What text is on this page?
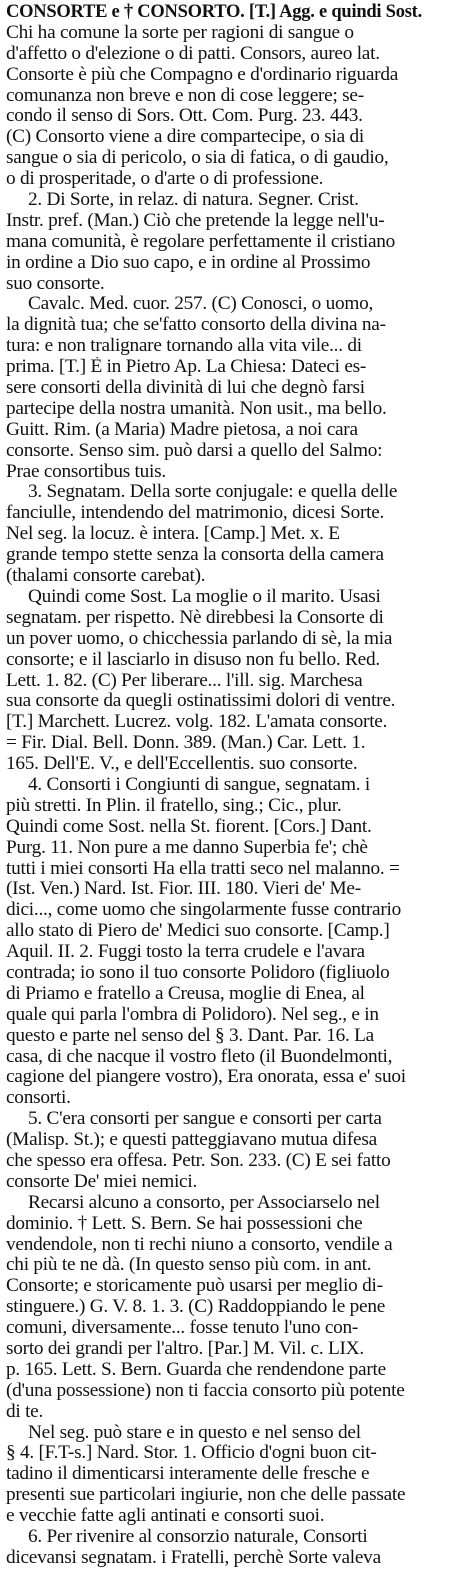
CONSORTE e † CONSORTO. [T.] Agg. e quindi Sost.
Chi ha comune la sorte per ragioni di sangue o
d'affetto o d'elezione o di patti. Consors, aureo lat.
Consorte è più che Compagno e d'ordinario riguarda
comunanza non breve e non di cose leggere; se-
condo il senso di Sors. Ott. Com. Purg. 23. 443.
(C) Consorto viene a dire compartecipe, o sia di
sangue o sia di pericolo, o sia di fatica, o di gaudio,
o di prosperitade, o d'arte o di professione.
2. Di Sorte, in relaz. di natura. Segner. Crist.
Instr. pref. (Man.) Ciò che pretende la legge nell'u-
mana comunità, è regolare perfettamente il cristiano
in ordine a Dio suo capo, e in ordine al Prossimo
suo consorte.
Cavalc. Med. cuor. 257. (C) Conosci, o uomo,
la dignità tua; che se'fatto consorto della divina na-
tura: e non tralignare tornando alla vita vile... di
prima. [T.] È in Pietro Ap. La Chiesa: Dateci es-
sere consorti della divinità di lui che degnò farsi
partecipe della nostra umanità. Non usit., ma bello.
Guitt. Rim. (a Maria) Madre pietosa, a noi cara
consorte. Senso sim. può darsi a quello del Salmo:
Prae consortibus tuis.
3. Segnatam. Della sorte conjugale: e quella delle
fanciulle, intendendo del matrimonio, dicesi Sorte.
Nel seg. la locuz. è intera. [Camp.] Met. x. E
grande tempo stette senza la consorta della camera
(thalami consorte carebat).
Quindi come Sost. La moglie o il marito. Usasi
segnatam. per rispetto. Nè direbbesi la Consorte di
un pover uomo, o chicchessia parlando di sè, la mia
consorte; e il lasciarlo in disuso non fu bello. Red.
Lett. 1. 82. (C) Per liberare... l'ill. sig. Marchesa
sua consorte da quegli ostinatissimi dolori di ventre.
[T.] Marchett. Lucrez. volg. 182. L'amata consorte.
= Fir. Dial. Bell. Donn. 389. (Man.) Car. Lett. 1.
165. Dell'E. V., e dell'Eccellentis. suo consorte.
4. Consorti i Congiunti di sangue, segnatam. i
più stretti. In Plin. il fratello, sing.; Cic., plur.
Quindi come Sost. nella St. fiorent. [Cors.] Dant.
Purg. 11. Non pure a me danno Superbia fe'; chè
tutti i miei consorti Ha ella tratti seco nel malanno. =
(Ist. Ven.) Nard. Ist. Fior. III. 180. Vieri de' Me-
dici..., come uomo che singolarmente fusse contrario
allo stato di Piero de' Medici suo consorte. [Camp.]
Aquil. II. 2. Fuggi tosto la terra crudele e l'avara
contrada; io sono il tuo consorte Polidoro (figliuolo
di Priamo e fratello a Creusa, moglie di Enea, al
quale qui parla l'ombra di Polidoro). Nel seg., e in
questo e parte nel senso del § 3. Dant. Par. 16. La
casa, di che nacque il vostro fleto (il Buondelmonti,
cagione del piangere vostro), Era onorata, essa e' suoi
consorti.
5. C'era consorti per sangue e consorti per carta
(Malisp. St.); e questi patteggiavano mutua difesa
che spesso era offesa. Petr. Son. 233. (C) E sei fatto
consorte De' miei nemici.
Recarsi alcuno a consorto, per Associarselo nel
dominio. † Lett. S. Bern. Se hai possessioni che
vendendole, non ti rechi niuno a consorto, vendile a
chi più te ne dà. (In questo senso più com. in ant.
Consorte; e storicamente può usarsi per meglio di-
stinguere.) G. V. 8. 1. 3. (C) Raddoppiando le pene
comuni, diversamente... fosse tenuto l'uno con-
sorto dei grandi per l'altro. [Par.] M. Vil. c. LIX.
p. 165. Lett. S. Bern. Guarda che rendendone parte
(d'una possessione) non ti faccia consorto più potente
di te.
Nel seg. può stare e in questo e nel senso del
§ 4. [F.T-s.] Nard. Stor. 1. Officio d'ogni buon cit-
tadino il dimenticarsi interamente delle fresche e
presenti sue particolari ingiurie, non che delle passate
e vecchie fatte agli antinati e consorti suoi.
6. Per rivenire al consorzio naturale, Consorti
dicevansi segnatam. i Fratelli, perchè Sorte valeva
